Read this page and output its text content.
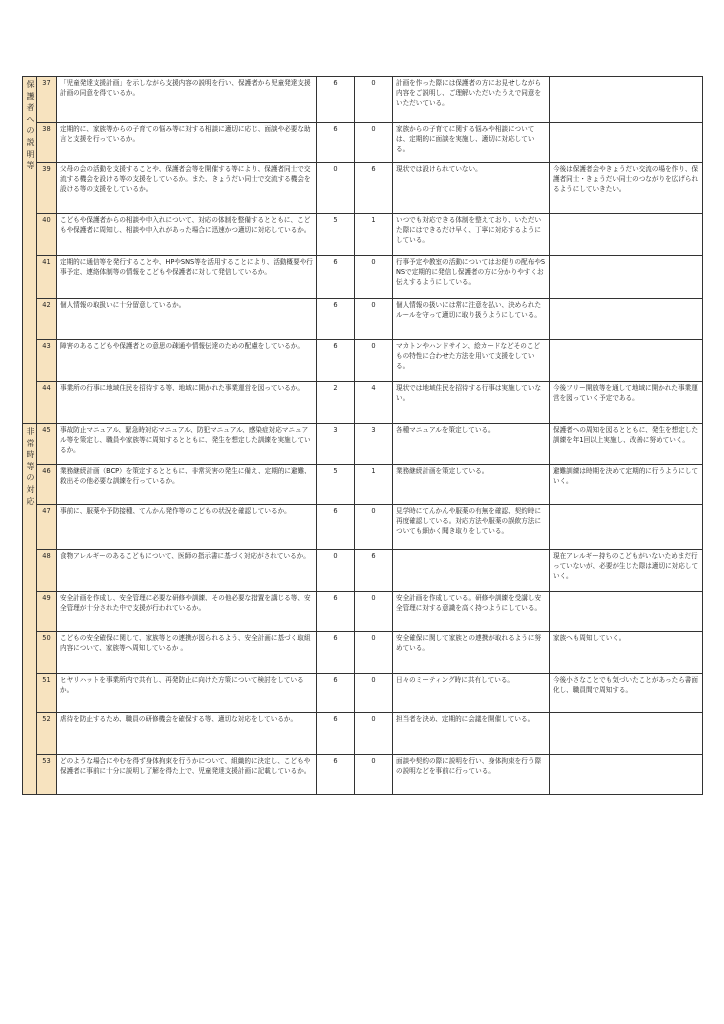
保護者への説明等	37	「児童発達支援計画」を示しながら支援内容の説明を行い、保護者から児童発達支援計画の同意を得ているか。	6	0	計画を作った際には保護者の方にお見せしながら内容をご説明し、ご理解いただいたうえで同意をいただいている。	
	38	定期的に、家族等からの子育ての悩み等に対する相談に適切に応じ、面談や必要な助言と支援を行っているか。	6	0	家族からの子育てに関する悩みや相談については、定期的に面談を実施し、適切に対応している。	
	39	父母の会の活動を支援することや、保護者会等を開催する等により、保護者同士で交流する機会を設ける等の支援をしているか。また、きょうだい同士で交流する機会を設ける等の支援をしているか。	0	6	現状では設けられていない。	今後は保護者会やきょうだい交流の場を作り、保護者同士・きょうだい同士のつながりを広げられるようにしていきたい。
	40	こどもや保護者からの相談や申入れについて、対応の体制を整備するとともに、こどもや保護者に周知し、相談や申入れがあった場合に迅速かつ適切に対応しているか。	5	1	いつでも対応できる体制を整えており、いただいた際にはできるだけ早く、丁寧に対応するようにしている。	
	41	定期的に通信等を発行することや、HPやSNS等を活用することにより、活動概要や行事予定、連絡体制等の情報をこどもや保護者に対して発信しているか。	6	0	行事予定や教室の活動についてはお便りの配布やSNSで定期的に発信し保護者の方に分かりやすくお伝えするようにしている。	
	42	個人情報の取扱いに十分留意しているか。	6	0	個人情報の扱いには常に注意を払い、決められたルールを守って適切に取り扱うようにしている。	
	43	障害のあるこどもや保護者との意思の疎通や情報伝達のための配慮をしているか。	6	0	マカトンやハンドサイン、絵カードなどそのこどもの特性に合わせた方法を用いて支援をしている。	
	44	事業所の行事に地域住民を招待する等、地域に開かれた事業運営を図っているか。	2	4	現状では地域住民を招待する行事は実施していない。	今後フリー開放等を通して地域に開かれた事業運営を図っていく予定である。
非常時等の対応	45	事故防止マニュアル、緊急時対応マニュアル、防犯マニュアル、感染症対応マニュアル等を策定し、職員や家族等に周知するとともに、発生を想定した訓練を実施しているか。	3	3	各種マニュアルを策定している。	保護者への周知を図るとともに、発生を想定した訓練を年1回以上実施し、改善に努めていく。
	46	業務継続計画（BCP）を策定するとともに、非常災害の発生に備え、定期的に避難、救出その他必要な訓練を行っているか。	5	1	業務継続計画を策定している。	避難訓練は時期を決めて定期的に行うようにしていく。
	47	事前に、服薬や予防接種、てんかん発作等のこどもの状況を確認しているか。	6	0	見学時にてんかんや服薬の有無を確認、契約時に再度確認している。対応方法や服薬の誤飲方法についても細かく聞き取りをしている。	
	48	食物アレルギーのあるこどもについて、医師の指示書に基づく対応がされているか。	0	6		現在アレルギー持ちのこどもがいないためまだ行っていないが、必要が生じた際は適切に対応していく。
	49	安全計画を作成し、安全管理に必要な研修や訓練、その他必要な措置を講じる等、安全管理が十分された中で支援が行われているか。	6	0	安全計画を作成している。研修や訓練を受講し安全管理に対する意識を高く持つようにしている。	
	50	こどもの安全確保に関して、家族等との連携が図られるよう、安全計画に基づく取組内容について、家族等へ周知しているか 。	6	0	安全確保に関して家族との連携が取れるように努めている。	家族へも周知していく。
	51	ヒヤリハットを事業所内で共有し、再発防止に向けた方策について検討をしているか。	6	0	日々のミーティング時に共有している。	今後小さなことでも気づいたことがあったら書面化し、職員間で周知する。
	52	虐待を防止するため、職員の研修機会を確保する等、適切な対応をしているか。	6	0	担当者を決め、定期的に会議を開催している。	
	53	どのような場合にやむを得ず身体拘束を行うかについて、組織的に決定し、こどもや保護者に事前に十分に説明し了解を得た上で、児童発達支援計画に記載しているか。	6	0	面談や契約の際に説明を行い、身体拘束を行う際の説明などを事前に行っている。	
